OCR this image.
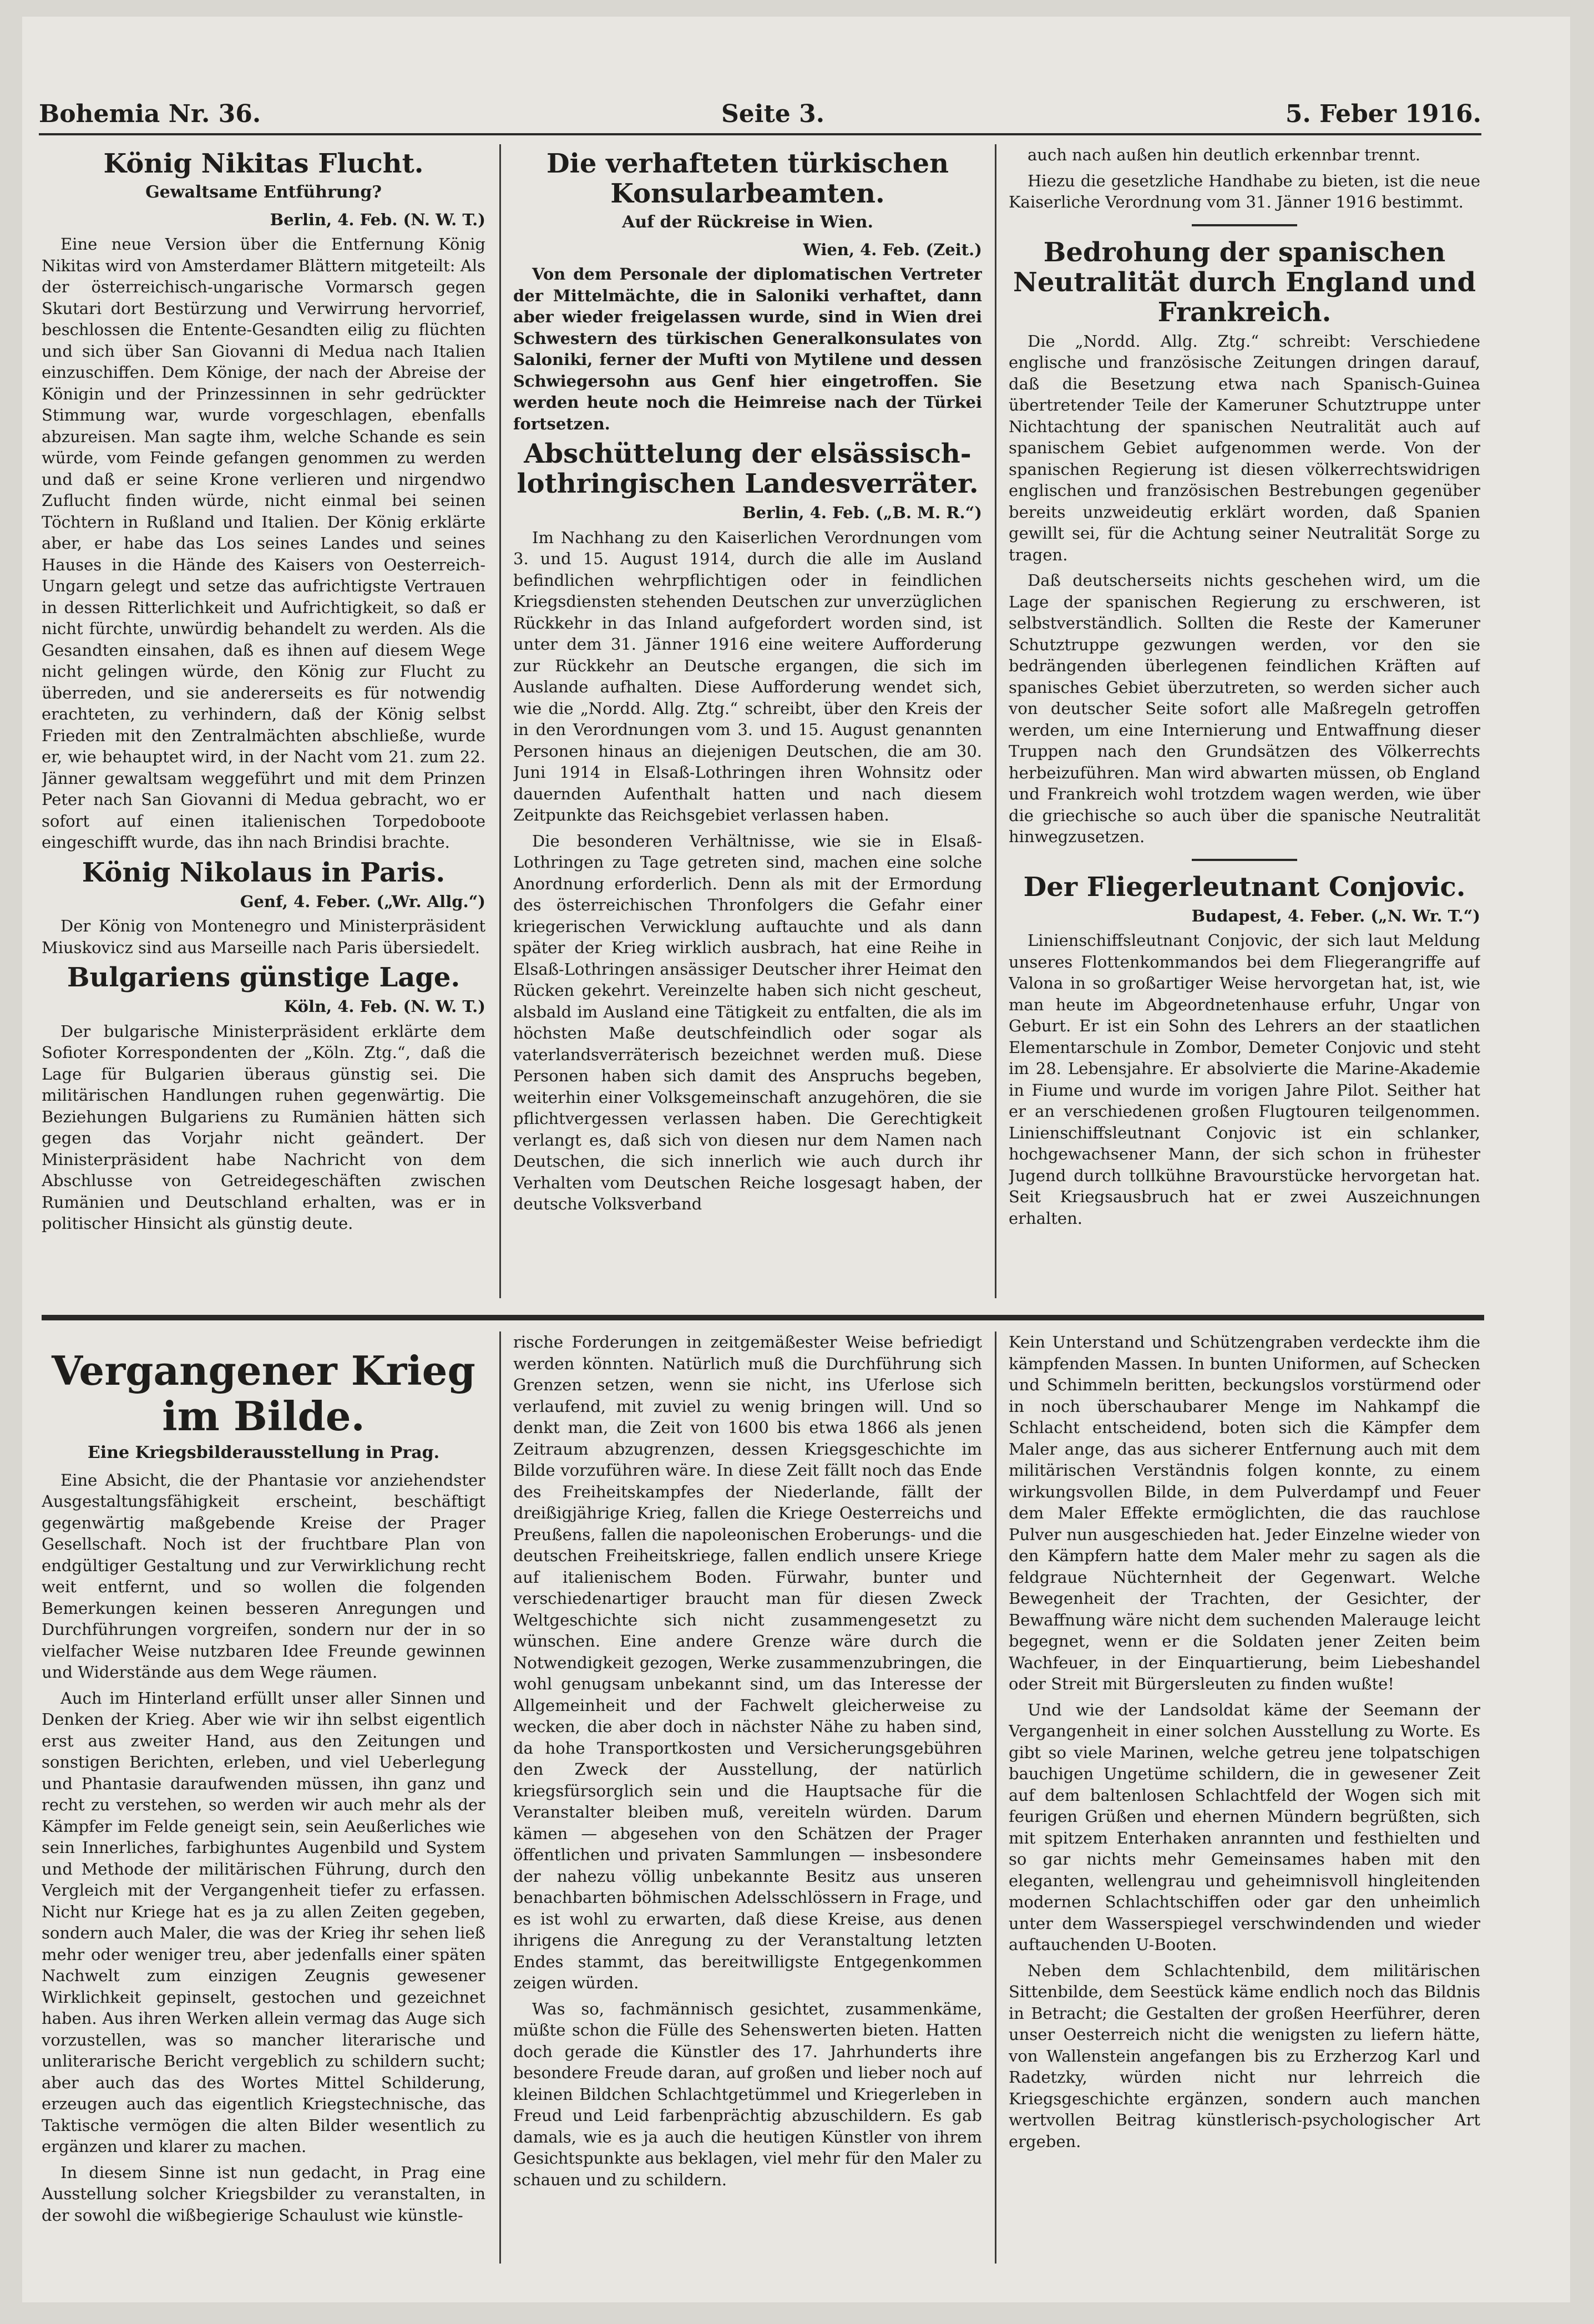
Bohemia Nr. 36.	Seite 3.	5. Feber 1916.
König Nikitas Flucht.
Gewaltsame Entführung?
Berlin, 4. Feb. (N. W. T.)

Eine neue Version über die Entfernung König Nikitas wird von Amsterdamer Blättern mitgeteilt: Als der österreichisch-ungarische Vormarsch gegen Skutari dort Bestürzung und Verwirrung hervorrief, beschlossen die Entente-Gesandten eilig zu flüchten und sich über San Giovanni di Medua nach Italien einzuschiffen. Dem Könige, der nach der Abreise der Königin und der Prinzessinnen in sehr gedrückter Stimmung war, wurde vorgeschlagen, ebenfalls abzureisen. Man sagte ihm, welche Schande es sein würde, vom Feinde gefangen genommen zu werden und daß er seine Krone verlieren und nirgendwo Zuflucht finden würde, nicht einmal bei seinen Töchtern in Rußland und Italien. Der König erklärte aber, er habe das Los seines Landes und seines Hauses in die Hände des Kaisers von Oesterreich-Ungarn gelegt und setze das aufrichtigste Vertrauen in dessen Ritterlichkeit und Aufrichtigkeit, so daß er nicht fürchte, unwürdig behandelt zu werden. Als die Gesandten einsahen, daß es ihnen auf diesem Wege nicht gelingen würde, den König zur Flucht zu überreden, und sie andererseits es für notwendig erachteten, zu verhindern, daß der König selbst Frieden mit den Zentralmächten abschließe, wurde er, wie behauptet wird, in der Nacht vom 21. zum 22. Jänner gewaltsam weggeführt und mit dem Prinzen Peter nach San Giovanni di Medua gebracht, wo er sofort auf einen italienischen Torpedoboote eingeschifft wurde, das ihn nach Brindisi brachte.

König Nikolaus in Paris.
Genf, 4. Feber. („Wr. Allg.“)

Der König von Montenegro und Ministerpräsident Miuskovicz sind aus Marseille nach Paris übersiedelt.

Bulgariens günstige Lage.
Köln, 4. Feb. (N. W. T.)

Der bulgarische Ministerpräsident erklärte dem Sofioter Korrespondenten der „Köln. Ztg.“, daß die Lage für Bulgarien überaus günstig sei. Die militärischen Handlungen ruhen gegenwärtig. Die Beziehungen Bulgariens zu Rumänien hätten sich gegen das Vorjahr nicht geändert. Der Ministerpräsident habe Nachricht von dem Abschlusse von Getreidegeschäften zwischen Rumänien und Deutschland erhalten, was er in politischer Hinsicht als günstig deute.

Die verhafteten türkischen Konsularbeamten.
Auf der Rückreise in Wien.
Wien, 4. Feb. (Zeit.)

Von dem Personale der diplomatischen Vertreter der Mittelmächte, die in Saloniki verhaftet, dann aber wieder freigelassen wurde, sind in Wien drei Schwestern des türkischen Generalkonsulates von Saloniki, ferner der Mufti von Mytilene und dessen Schwiegersohn aus Genf hier eingetroffen. Sie werden heute noch die Heimreise nach der Türkei fortsetzen.

Abschüttelung der elsässisch-lothringischen Landesverräter.
Berlin, 4. Feb. („B. M. R.“)

Im Nachhang zu den Kaiserlichen Verordnungen vom 3. und 15. August 1914, durch die alle im Ausland befindlichen wehrpflichtigen oder in feindlichen Kriegsdiensten stehenden Deutschen zur unverzüglichen Rückkehr in das Inland aufgefordert worden sind, ist unter dem 31. Jänner 1916 eine weitere Aufforderung zur Rückkehr an Deutsche ergangen, die sich im Auslande aufhalten. Diese Aufforderung wendet sich, wie die „Nordd. Allg. Ztg.“ schreibt, über den Kreis der in den Verordnungen vom 3. und 15. August genannten Personen hinaus an diejenigen Deutschen, die am 30. Juni 1914 in Elsaß-Lothringen ihren Wohnsitz oder dauernden Aufenthalt hatten und nach diesem Zeitpunkte das Reichsgebiet verlassen haben.

Die besonderen Verhältnisse, wie sie in Elsaß-Lothringen zu Tage getreten sind, machen eine solche Anordnung erforderlich. Denn als mit der Ermordung des österreichischen Thronfolgers die Gefahr einer kriegerischen Verwicklung auftauchte und als dann später der Krieg wirklich ausbrach, hat eine Reihe in Elsaß-Lothringen ansässiger Deutscher ihrer Heimat den Rücken gekehrt. Vereinzelte haben sich nicht gescheut, alsbald im Ausland eine Tätigkeit zu entfalten, die als im höchsten Maße deutschfeindlich oder sogar als vaterlandsverräterisch bezeichnet werden muß. Diese Personen haben sich damit des Anspruchs begeben, weiterhin einer Volksgemeinschaft anzugehören, die sie pflichtvergessen verlassen haben. Die Gerechtigkeit verlangt es, daß sich von diesen nur dem Namen nach Deutschen, die sich innerlich wie auch durch ihr Verhalten vom Deutschen Reiche losgesagt haben, der deutsche Volksverband

auch nach außen hin deutlich erkennbar trennt.

Hiezu die gesetzliche Handhabe zu bieten, ist die neue Kaiserliche Verordnung vom 31. Jänner 1916 bestimmt.

Bedrohung der spanischen Neutralität durch England und Frankreich.

Die „Nordd. Allg. Ztg.“ schreibt: Verschiedene englische und französische Zeitungen dringen darauf, daß die Besetzung etwa nach Spanisch-Guinea übertretender Teile der Kameruner Schutztruppe unter Nichtachtung der spanischen Neutralität auch auf spanischem Gebiet aufgenommen werde. Von der spanischen Regierung ist diesen völkerrechtswidrigen englischen und französischen Bestrebungen gegenüber bereits unzweideutig erklärt worden, daß Spanien gewillt sei, für die Achtung seiner Neutralität Sorge zu tragen.

Daß deutscherseits nichts geschehen wird, um die Lage der spanischen Regierung zu erschweren, ist selbstverständlich. Sollten die Reste der Kameruner Schutztruppe gezwungen werden, vor den sie bedrängenden überlegenen feindlichen Kräften auf spanisches Gebiet überzutreten, so werden sicher auch von deutscher Seite sofort alle Maßregeln getroffen werden, um eine Internierung und Entwaffnung dieser Truppen nach den Grundsätzen des Völkerrechts herbeizuführen. Man wird abwarten müssen, ob England und Frankreich wohl trotzdem wagen werden, wie über die griechische so auch über die spanische Neutralität hinwegzusetzen.

Der Fliegerleutnant Conjovic.
Budapest, 4. Feber. („N. Wr. T.“)

Linienschiffsleutnant Conjovic, der sich laut Meldung unseres Flottenkommandos bei dem Fliegerangriffe auf Valona in so großartiger Weise hervorgetan hat, ist, wie man heute im Abgeordnetenhause erfuhr, Ungar von Geburt. Er ist ein Sohn des Lehrers an der staatlichen Elementarschule in Zombor, Demeter Conjovic und steht im 28. Lebensjahre. Er absolvierte die Marine-Akademie in Fiume und wurde im vorigen Jahre Pilot. Seither hat er an verschiedenen großen Flugtouren teilgenommen. Linienschiffsleutnant Conjovic ist ein schlanker, hochgewachsener Mann, der sich schon in frühester Jugend durch tollkühne Bravourstücke hervorgetan hat. Seit Kriegsausbruch hat er zwei Auszeichnungen erhalten.

Vergangener Krieg im Bilde.
Eine Kriegsbilderausstellung in Prag.

Eine Absicht, die der Phantasie vor anziehendster Ausgestaltungsfähigkeit erscheint, beschäftigt gegenwärtig maßgebende Kreise der Prager Gesellschaft. Noch ist der fruchtbare Plan von endgültiger Gestaltung und zur Verwirklichung recht weit entfernt, und so wollen die folgenden Bemerkungen keinen besseren Anregungen und Durchführungen vorgreifen, sondern nur der in so vielfacher Weise nutzbaren Idee Freunde gewinnen und Widerstände aus dem Wege räumen.

Auch im Hinterland erfüllt unser aller Sinnen und Denken der Krieg. Aber wie wir ihn selbst eigentlich erst aus zweiter Hand, aus den Zeitungen und sonstigen Berichten, erleben, und viel Ueberlegung und Phantasie daraufwenden müssen, ihn ganz und recht zu verstehen, so werden wir auch mehr als der Kämpfer im Felde geneigt sein, sein Aeußerliches wie sein Innerliches, farbighuntes Augenbild und System und Methode der militärischen Führung, durch den Vergleich mit der Vergangenheit tiefer zu erfassen. Nicht nur Kriege hat es ja zu allen Zeiten gegeben, sondern auch Maler, die was der Krieg ihr sehen ließ mehr oder weniger treu, aber jedenfalls einer späten Nachwelt zum einzigen Zeugnis gewesener Wirklichkeit gepinselt, gestochen und gezeichnet haben. Aus ihren Werken allein vermag das Auge sich vorzustellen, was so mancher literarische und unliterarische Bericht vergeblich zu schildern sucht; aber auch das des Wortes Mittel Schilderung, erzeugen auch das eigentlich Kriegstechnische, das Taktische vermögen die alten Bilder wesentlich zu ergänzen und klarer zu machen.

In diesem Sinne ist nun gedacht, in Prag eine Ausstellung solcher Kriegsbilder zu veranstalten, in der sowohl die wißbegierige Schaulust wie künstle-

rische Forderungen in zeitgemäßester Weise befriedigt werden könnten. Natürlich muß die Durchführung sich Grenzen setzen, wenn sie nicht, ins Uferlose sich verlaufend, mit zuviel zu wenig bringen will. Und so denkt man, die Zeit von 1600 bis etwa 1866 als jenen Zeitraum abzugrenzen, dessen Kriegsgeschichte im Bilde vorzuführen wäre. In diese Zeit fällt noch das Ende des Freiheitskampfes der Niederlande, fällt der dreißigjährige Krieg, fallen die Kriege Oesterreichs und Preußens, fallen die napoleonischen Eroberungs- und die deutschen Freiheitskriege, fallen endlich unsere Kriege auf italienischem Boden. Fürwahr, bunter und verschiedenartiger braucht man für diesen Zweck Weltgeschichte sich nicht zusammengesetzt zu wünschen. Eine andere Grenze wäre durch die Notwendigkeit gezogen, Werke zusammenzubringen, die wohl genugsam unbekannt sind, um das Interesse der Allgemeinheit und der Fachwelt gleicherweise zu wecken, die aber doch in nächster Nähe zu haben sind, da hohe Transportkosten und Versicherungsgebühren den Zweck der Ausstellung, der natürlich kriegsfürsorglich sein und die Hauptsache für die Veranstalter bleiben muß, vereiteln würden. Darum kämen — abgesehen von den Schätzen der Prager öffentlichen und privaten Sammlungen — insbesondere der nahezu völlig unbekannte Besitz aus unseren benachbarten böhmischen Adelsschlössern in Frage, und es ist wohl zu erwarten, daß diese Kreise, aus denen ihrigens die Anregung zu der Veranstaltung letzten Endes stammt, das bereitwilligste Entgegenkommen zeigen würden.

Was so, fachmännisch gesichtet, zusammenkäme, müßte schon die Fülle des Sehenswerten bieten. Hatten doch gerade die Künstler des 17. Jahrhunderts ihre besondere Freude daran, auf großen und lieber noch auf kleinen Bildchen Schlachtgetümmel und Kriegerleben in Freud und Leid farbenprächtig abzuschildern. Es gab damals, wie es ja auch die heutigen Künstler von ihrem Gesichtspunkte aus beklagen, viel mehr für den Maler zu schauen und zu schildern.

Kein Unterstand und Schützengraben verdeckte ihm die kämpfenden Massen. In bunten Uniformen, auf Schecken und Schimmeln beritten, beckungslos vorstürmend oder in noch überschaubarer Menge im Nahkampf die Schlacht entscheidend, boten sich die Kämpfer dem Maler ange, das aus sicherer Entfernung auch mit dem militärischen Verständnis folgen konnte, zu einem wirkungsvollen Bilde, in dem Pulverdampf und Feuer dem Maler Effekte ermöglichten, die das rauchlose Pulver nun ausgeschieden hat. Jeder Einzelne wieder von den Kämpfern hatte dem Maler mehr zu sagen als die feldgraue Nüchternheit der Gegenwart. Welche Bewegenheit der Trachten, der Gesichter, der Bewaffnung wäre nicht dem suchenden Malerauge leicht begegnet, wenn er die Soldaten jener Zeiten beim Wachfeuer, in der Einquartierung, beim Liebeshandel oder Streit mit Bürgersleuten zu finden wußte!

Und wie der Landsoldat käme der Seemann der Vergangenheit in einer solchen Ausstellung zu Worte. Es gibt so viele Marinen, welche getreu jene tolpatschigen bauchigen Ungetüme schildern, die in gewesener Zeit auf dem baltenlosen Schlachtfeld der Wogen sich mit feurigen Grüßen und ehernen Mündern begrüßten, sich mit spitzem Enterhaken anrannten und festhielten und so gar nichts mehr Gemeinsames haben mit den eleganten, wellengrau und geheimnisvoll hingleitenden modernen Schlachtschiffen oder gar den unheimlich unter dem Wasserspiegel verschwindenden und wieder auftauchenden U-Booten.

Neben dem Schlachtenbild, dem militärischen Sittenbilde, dem Seestück käme endlich noch das Bildnis in Betracht; die Gestalten der großen Heerführer, deren unser Oesterreich nicht die wenigsten zu liefern hätte, von Wallenstein angefangen bis zu Erzherzog Karl und Radetzky, würden nicht nur lehrreich die Kriegsgeschichte ergänzen, sondern auch manchen wertvollen Beitrag künstlerisch-psychologischer Art ergeben.
